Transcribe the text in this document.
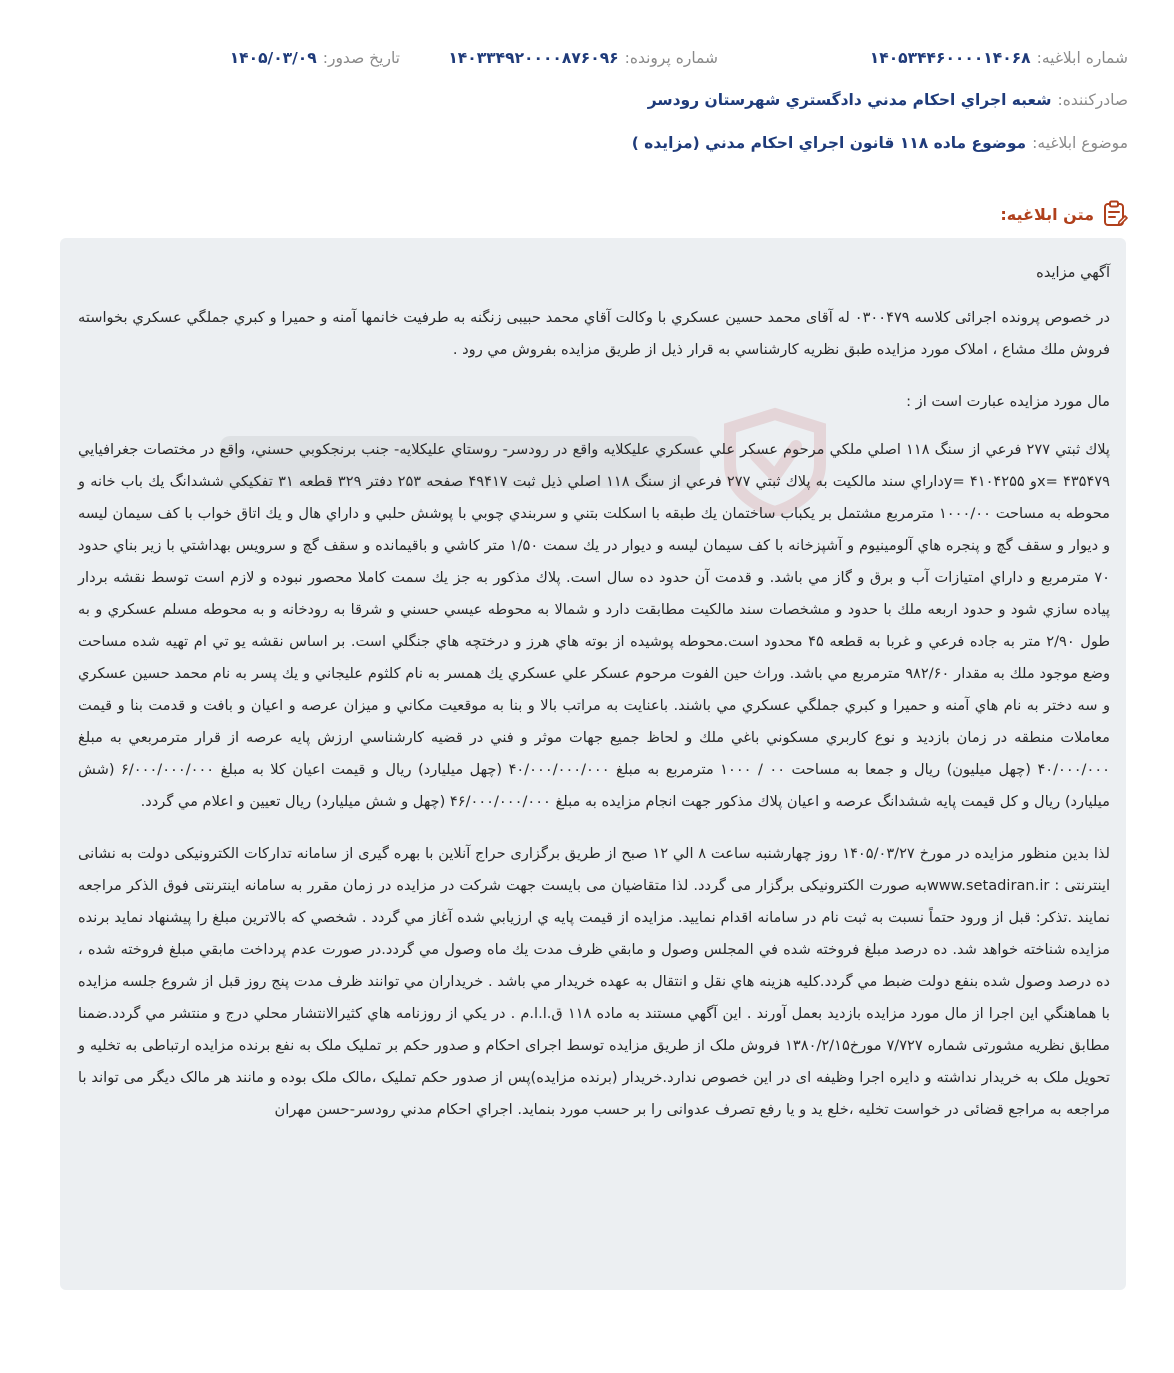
شماره ابلاغيه:
۱۴۰۵۳۴۴۶۰۰۰۰۱۴۰۶۸
شماره پرونده:
۱۴۰۳۳۴۹۲۰۰۰۰۸۷۶۰۹۶
تاريخ صدور:
۱۴۰۵/۰۳/۰۹
صادرکننده:
شعبه اجراي احکام مدني دادگستري شهرستان رودسر
موضوع ابلاغيه:
موضوع ماده ۱۱۸ قانون اجراي احکام مدني (مزايده )
متن ابلاغيه:

آگهي مزايده

در خصوص پرونده اجرائی کلاسه ۰۳۰۰۴۷۹ له آقای محمد حسين عسکري با وکالت آقاي محمد حبيبی زنگنه به طرفيت خانمها آمنه و حميرا و کبري جملگي عسکري بخواسته فروش ملك مشاع ، املاک مورد مزايده طبق نظريه کارشناسي به قرار ذيل از طريق مزايده بفروش مي رود .

مال مورد مزايده عبارت است از :

پلاك ثبتي ۲۷۷ فرعي از سنگ ۱۱۸ اصلي ملكي مرحوم عسكر علي عسكري عليكلايه واقع در رودسر- روستاي عليكلايه- جنب برنجكوبي حسني، واقع در مختصات جغرافيايي ۴۳۵۴۷۹ =xو ۴۱۰۴۲۵۵ =yداراي سند مالكيت به پلاك ثبتي ۲۷۷ فرعي از سنگ ۱۱۸ اصلي ذيل ثبت ۴۹۴۱۷ صفحه ۲۵۳ دفتر ۳۲۹ قطعه ۳۱ تفكيكي ششدانگ يك باب خانه و محوطه به مساحت ۱۰۰۰/۰۰ مترمربع مشتمل بر يكباب ساختمان يك طبقه با اسكلت بتني و سربندي چوبي با پوشش حلبي و داراي هال و يك اتاق خواب با كف سيمان ليسه و ديوار و سقف گچ و پنجره هاي آلومينيوم و آشپزخانه با كف سيمان ليسه و ديوار در يك سمت ۱/۵۰ متر كاشي و باقيمانده و سقف گچ و سرويس بهداشتي با زير بناي حدود ۷۰ مترمربع و داراي امتيازات آب و برق و گاز مي باشد. و قدمت آن حدود ده سال است. پلاك مذكور به جز يك سمت كاملا محصور نبوده و لازم است توسط نقشه بردار پياده سازي شود و حدود اربعه ملك با حدود و مشخصات سند مالكيت مطابقت دارد و شمالا به محوطه عيسي حسني و شرقا به رودخانه و به محوطه مسلم عسكري و به طول ۲/۹۰ متر به جاده فرعي و غربا به قطعه ۴۵ محدود است.محوطه پوشيده از بوته هاي هرز و درختچه هاي جنگلي است. بر اساس نقشه يو تي ام تهيه شده مساحت وضع موجود ملك به مقدار ۹۸۲/۶۰ مترمربع مي باشد. وراث حين الفوت مرحوم عسكر علي عسكري يك همسر به نام كلثوم عليجاني و يك پسر به نام محمد حسين عسكري و سه دختر به نام هاي آمنه و حميرا و كبري جملگي عسكري مي باشند. باعنايت به مراتب بالا و بنا به موقعيت مكاني و ميزان عرصه و اعيان و بافت و قدمت بنا و قيمت معاملات منطقه در زمان بازديد و نوع كاربري مسكوني باغي ملك و لحاظ جميع جهات موثر و فني در قضيه كارشناسي ارزش پايه عرصه از قرار مترمربعي به مبلغ ۴۰/۰۰۰/۰۰۰ (چهل ميليون) ريال و جمعا به مساحت ۰۰ / ۱۰۰۰ مترمربع به مبلغ ۴۰/۰۰۰/۰۰۰/۰۰۰ (چهل ميليارد) ريال و قيمت اعيان كلا به مبلغ ۶/۰۰۰/۰۰۰/۰۰۰ (شش ميليارد) ريال و كل قيمت پايه ششدانگ عرصه و اعيان پلاك مذكور جهت انجام مزايده به مبلغ ۴۶/۰۰۰/۰۰۰/۰۰۰ (چهل و شش ميليارد) ريال تعيين و اعلام مي گردد.

لذا بدين منظور مزايده در مورخ ۱۴۰۵/۰۳/۲۷ روز چهارشنبه ساعت ۸ الي ۱۲ صبح از طريق برگزاری حراج آنلاين با بهره گيری از سامانه تدارکات الکترونيکی دولت به نشانی اينترنتی : www.setadiran.irبه صورت الکترونيکی برگزار می گردد. لذا متقاضيان می بايست جهت شرکت در مزايده در زمان مقرر به سامانه اينترنتی فوق الذکر مراجعه نمايند .تذکر: قبل از ورود حتماً نسبت به ثبت نام در سامانه اقدام نماييد. مزايده از قيمت پايه ي ارزيابي شده آغاز مي گردد . شخصي كه بالاترين مبلغ را پيشنهاد نمايد برنده مزايده شناخته خواهد شد. ده درصد مبلغ فروخته شده في المجلس وصول و مابقي ظرف مدت يك ماه وصول مي گردد.در صورت عدم پرداخت مابقي مبلغ فروخته شده ، ده درصد وصول شده بنفع دولت ضبط مي گردد.كليه هزينه هاي نقل و انتقال به عهده خريدار مي باشد . خريداران مي توانند ظرف مدت پنج روز قبل از شروع جلسه مزايده با هماهنگي اين اجرا از مال مورد مزايده بازديد بعمل آورند . اين آگهي مستند به ماده ۱۱۸ ق.ا.ا.م . در يكي از روزنامه هاي كثيرالانتشار محلي درج و منتشر مي گردد.ضمنا مطابق نظريه مشورتی شماره ۷/۷۲۷ مورخ۱۳۸۰/۲/۱۵ فروش ملک از طريق مزايده توسط اجرای احکام و صدور حکم بر تمليک ملک به نفع برنده مزايده ارتباطی به تخليه و تحويل ملک به خريدار نداشته و دايره اجرا وظيفه ای در اين خصوص ندارد.خريدار (برنده مزايده)پس از صدور حکم تمليک ،مالک ملک بوده و مانند هر مالک ديگر می تواند با مراجعه به مراجع قضائی در خواست تخليه ،خلع يد و يا رفع تصرف عدوانی را بر حسب مورد بنمايد. اجراي احكام مدني رودسر-حسن مهران
